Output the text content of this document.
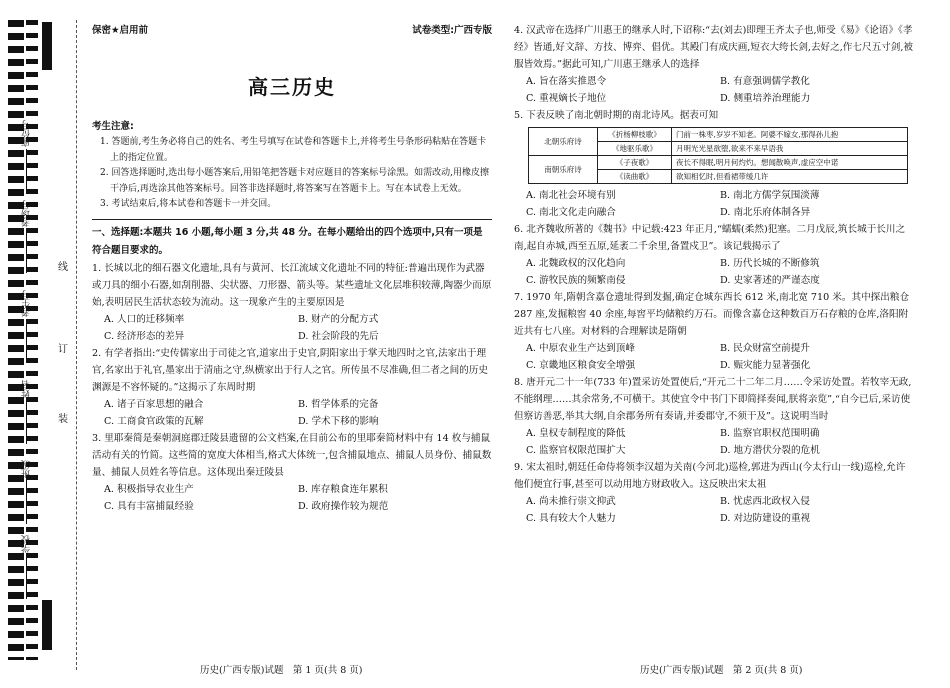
座位号
考场号
考生号
姓名
班级
学校
线
订
装
保密★启用前	试卷类型:广西专版
高三历史
考生注意:

1. 答题前,考生务必将自己的姓名、考生号填写在试卷和答题卡上,并将考生号条形码粘贴在答题卡上的指定位置。

2. 回答选择题时,选出每小题答案后,用铅笔把答题卡对应题目的答案标号涂黑。如需改动,用橡皮擦干净后,再选涂其他答案标号。回答非选择题时,将答案写在答题卡上。写在本试卷上无效。

3. 考试结束后,将本试卷和答题卡一并交回。

一、选择题:本题共 16 小题,每小题 3 分,共 48 分。在每小题给出的四个选项中,只有一项是符合题目要求的。

1. 长城以北的细石器文化遗址,具有与黄河、长江流域文化遗址不同的特征:普遍出现作为武器或刀具的细小石器,如刮削器、尖状器、刀形器、箭头等。某些遗址文化层堆积较薄,陶器少而原始,表明居民生活状态较为流动。这一现象产生的主要原因是

A. 人口的迁移频率	B. 财产的分配方式
C. 经济形态的差异	D. 社会阶段的先后

2. 有学者指出:“史传儒家出于司徒之官,道家出于史官,阴阳家出于掌天地四时之官,法家出于理官,名家出于礼官,墨家出于清庙之守,纵横家出于行人之官。所传虽不尽准确,但二者之间的历史渊源是不容怀疑的。”这揭示了东周时期

A. 诸子百家思想的融合	B. 哲学体系的完备
C. 工商食官政策的瓦解	D. 学术下移的影响

3. 里耶秦简是秦朝洞庭郡迁陵县遗留的公文档案,在目前公布的里耶秦简材料中有 14 枚与捕鼠活动有关的竹简。这些简的宽度大体相当,格式大体统一,包含捕鼠地点、捕鼠人员身份、捕鼠数量、捕鼠人员姓名等信息。这体现出秦迁陵县

A. 积极指导农业生产	B. 库存粮食连年累积
C. 具有丰富捕鼠经验	D. 政府操作较为规范

4. 汉武帝在选择广川惠王的继承人时,下诏称:“去(刘去)即理王齐太子也,师受《易》《论语》《孝经》皆通,好文辞、方技、博弈、倡优。其殿门有成庆画,短衣大绔长剑,去好之,作七尺五寸剑,被服皆效焉。”据此可知,广川惠王继承人的选择

A. 旨在落实推恩令	B. 有意强调儒学教化
C. 重视嫡长子地位	D. 侧重培养治理能力

5. 下表反映了南北朝时期的南北诗风。据表可知

北朝乐府诗	《折杨柳枝歌》	门前一株枣,岁岁不知老。阿婆不嫁女,那得孙儿抱
	《地驱乐歌》	月明光光星欲堕,欲来不来早语我
南朝乐府诗	《子夜歌》	夜长不得眠,明月何灼灼。想闻散唤声,虚应空中诺
	《读曲歌》	欲知相忆时,但看裙带缓几许
A. 南北社会环境有别	B. 南北方儒学氛围淡薄
C. 南北文化走向融合	D. 南北乐府体制各异

6. 北齐魏收所著的《魏书》中记载:423 年正月,“蠕蠕(柔然)犯塞。二月戊辰,筑长城于长川之南,起自赤城,西至五原,延袤二千余里,备置戍卫”。该记载揭示了

A. 北魏政权的汉化趋向	B. 历代长城的不断修筑
C. 游牧民族的频繁南侵	D. 史家著述的严谨态度

7. 1970 年,隋朝含嘉仓遗址得到发掘,确定仓城东西长 612 米,南北宽 710 米。其中探出粮仓 287 座,发掘粮窖 40 余座,每窖平均储粮约万石。而像含嘉仓这种数百万石存粮的仓库,洛阳附近共有七八座。对材料的合理解读是隋朝

A. 中原农业生产达到顶峰	B. 民众财富空前提升
C. 京畿地区粮食安全增强	D. 赈灾能力显著强化

8. 唐开元二十一年(733 年)置采访处置使后,“开元二十二年二月……令采访处置。若牧宰无政,不能纲理……其余常务,不可横干。其使宜令中书门下即简择奏闻,朕将亲览”,“自今已后,采访使但察访善恶,举其大纲,自余郡务所有奏请,并委郡守,不须干及”。这说明当时

A. 皇权专制程度的降低	B. 监察官职权范围明确
C. 监察官权限范围扩大	D. 地方潜伏分裂的危机

9. 宋太祖时,朝廷任命侍将领李汉超为关南(今河北)巡检,郭进为西山(今太行山一线)巡检,允许他们便宜行事,甚至可以动用地方财政收入。这反映出宋太祖

A. 尚未推行崇文抑武	B. 忧虑西北政权入侵
C. 具有较大个人魅力	D. 对边防建设的重视
历史(广西专版)试题　第 1 页(共 8 页)	历史(广西专版)试题　第 2 页(共 8 页)
